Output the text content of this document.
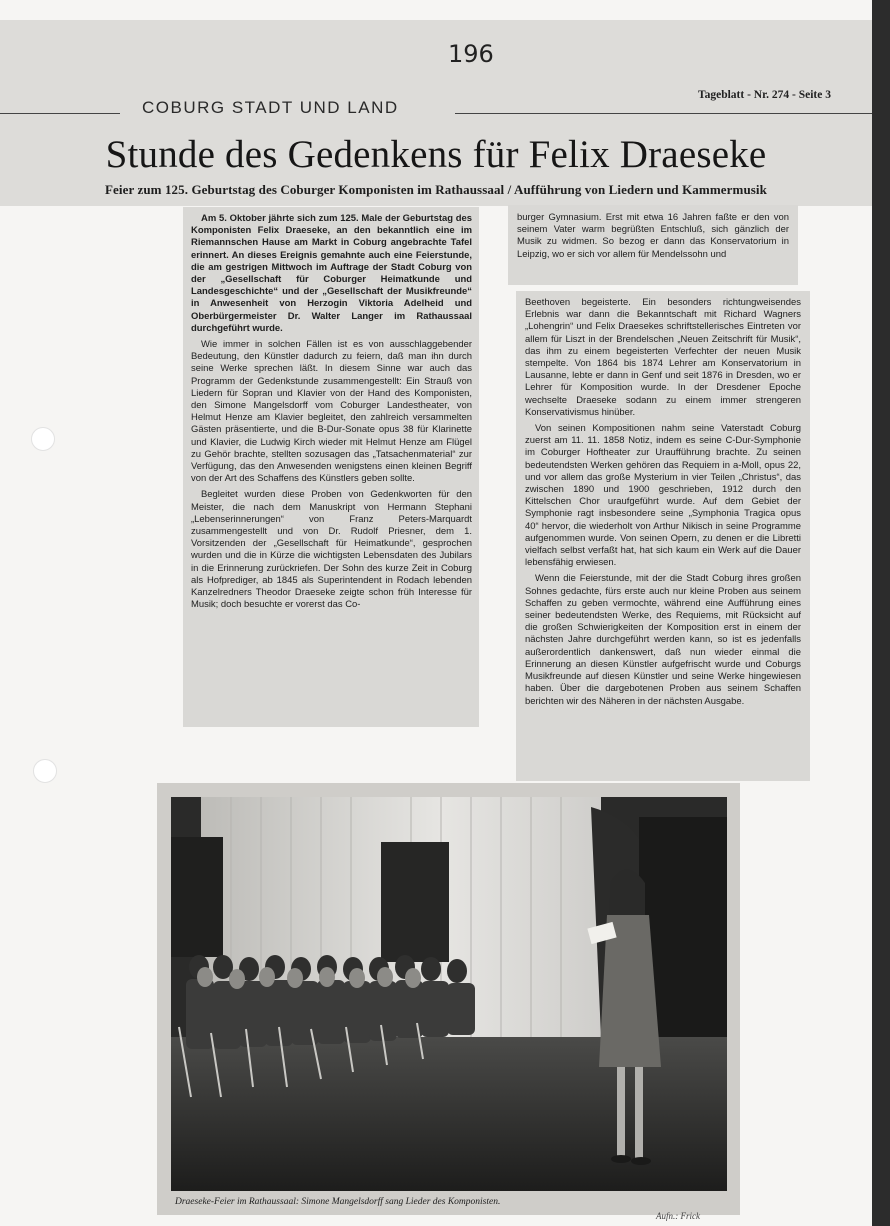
196
COBURG STADT UND LAND
Tageblatt - Nr. 274 - Seite 3
Stunde des Gedenkens für Felix Draeseke
Feier zum 125. Geburtstag des Coburger Komponisten im Rathaussaal / Aufführung von Liedern und Kammermusik

Am 5. Oktober jährte sich zum 125. Male der Geburtstag des Komponisten Felix Draeseke, an den bekanntlich eine im Riemannschen Hause am Markt in Coburg angebrachte Tafel erinnert. An dieses Ereignis gemahnte auch eine Feierstunde, die am gestrigen Mittwoch im Auftrage der Stadt Coburg von der „Gesellschaft für Coburger Heimatkunde und Landesgeschichte“ und der „Gesellschaft der Musikfreunde“ in Anwesenheit von Herzogin Viktoria Adelheid und Oberbürgermeister Dr. Walter Langer im Rathaussaal durchgeführt wurde.

Wie immer in solchen Fällen ist es von ausschlaggebender Bedeutung, den Künstler dadurch zu feiern, daß man ihn durch seine Werke sprechen läßt. In diesem Sinne war auch das Programm der Gedenkstunde zusammengestellt: Ein Strauß von Liedern für Sopran und Klavier von der Hand des Komponisten, den Simone Mangelsdorff vom Coburger Landestheater, von Helmut Henze am Klavier begleitet, den zahlreich versammelten Gästen präsentierte, und die B-Dur-Sonate opus 38 für Klarinette und Klavier, die Ludwig Kirch wieder mit Helmut Henze am Flügel zu Gehör brachte, stellten sozusagen das „Tatsachenmaterial“ zur Verfügung, das den Anwesenden wenigstens einen kleinen Begriff von der Art des Schaffens des Künstlers geben sollte.

Begleitet wurden diese Proben von Gedenkworten für den Meister, die nach dem Manuskript von Hermann Stephani „Lebenserinnerungen“ von Franz Peters-Marquardt zusammengestellt und von Dr. Rudolf Priesner, dem 1. Vorsitzenden der „Gesellschaft für Heimatkunde“, gesprochen wurden und die in Kürze die wichtigsten Lebensdaten des Jubilars in die Erinnerung zurückriefen. Der Sohn des kurze Zeit in Coburg als Hofprediger, ab 1845 als Superintendent in Rodach lebenden Kanzelredners Theodor Draeseke zeigte schon früh Interesse für Musik; doch besuchte er vorerst das Co-

burger Gymnasium. Erst mit etwa 16 Jahren faßte er den von seinem Vater warm begrüßten Entschluß, sich gänzlich der Musik zu widmen. So bezog er dann das Konservatorium in Leipzig, wo er sich vor allem für Mendelssohn und

Beethoven begeisterte. Ein besonders richtungweisendes Erlebnis war dann die Bekanntschaft mit Richard Wagners „Lohengrin“ und Felix Draesekes schriftstellerisches Eintreten vor allem für Liszt in der Brendelschen „Neuen Zeitschrift für Musik“, das ihm zu einem begeisterten Verfechter der neuen Musik stempelte. Von 1864 bis 1874 Lehrer am Konservatorium in Lausanne, lebte er dann in Genf und seit 1876 in Dresden, wo er Lehrer für Komposition wurde. In der Dresdener Epoche wechselte Draeseke sodann zu einem immer strengeren Konservativismus hinüber.

Von seinen Kompositionen nahm seine Vaterstadt Coburg zuerst am 11. 11. 1858 Notiz, indem es seine C-Dur-Symphonie im Coburger Hoftheater zur Uraufführung brachte. Zu seinen bedeutendsten Werken gehören das Requiem in a-Moll, opus 22, und vor allem das große Mysterium in vier Teilen „Christus“, das zwischen 1890 und 1900 geschrieben, 1912 durch den Kittelschen Chor uraufgeführt wurde. Auf dem Gebiet der Symphonie ragt insbesondere seine „Symphonia Tragica opus 40“ hervor, die wiederholt von Arthur Nikisch in seine Programme aufgenommen wurde. Von seinen Opern, zu denen er die Libretti vielfach selbst verfaßt hat, hat sich kaum ein Werk auf die Dauer lebensfähig erwiesen.

Wenn die Feierstunde, mit der die Stadt Coburg ihres großen Sohnes gedachte, fürs erste auch nur kleine Proben aus seinem Schaffen zu geben vermochte, während eine Aufführung eines seiner bedeutendsten Werke, des Requiems, mit Rücksicht auf die großen Schwierigkeiten der Komposition erst in einem der nächsten Jahre durchgeführt werden kann, so ist es jedenfalls außerordentlich dankenswert, daß nun wieder einmal die Erinnerung an diesen Künstler aufgefrischt wurde und Coburgs Musikfreunde auf diesen Künstler und seine Werke hingewiesen haben. Über die dargebotenen Proben aus seinem Schaffen berichten wir des Näheren in der nächsten Ausgabe.

Draeseke-Feier im Rathaussaal: Simone Mangelsdorff sang Lieder des Komponisten.
Aufn.: Frick
